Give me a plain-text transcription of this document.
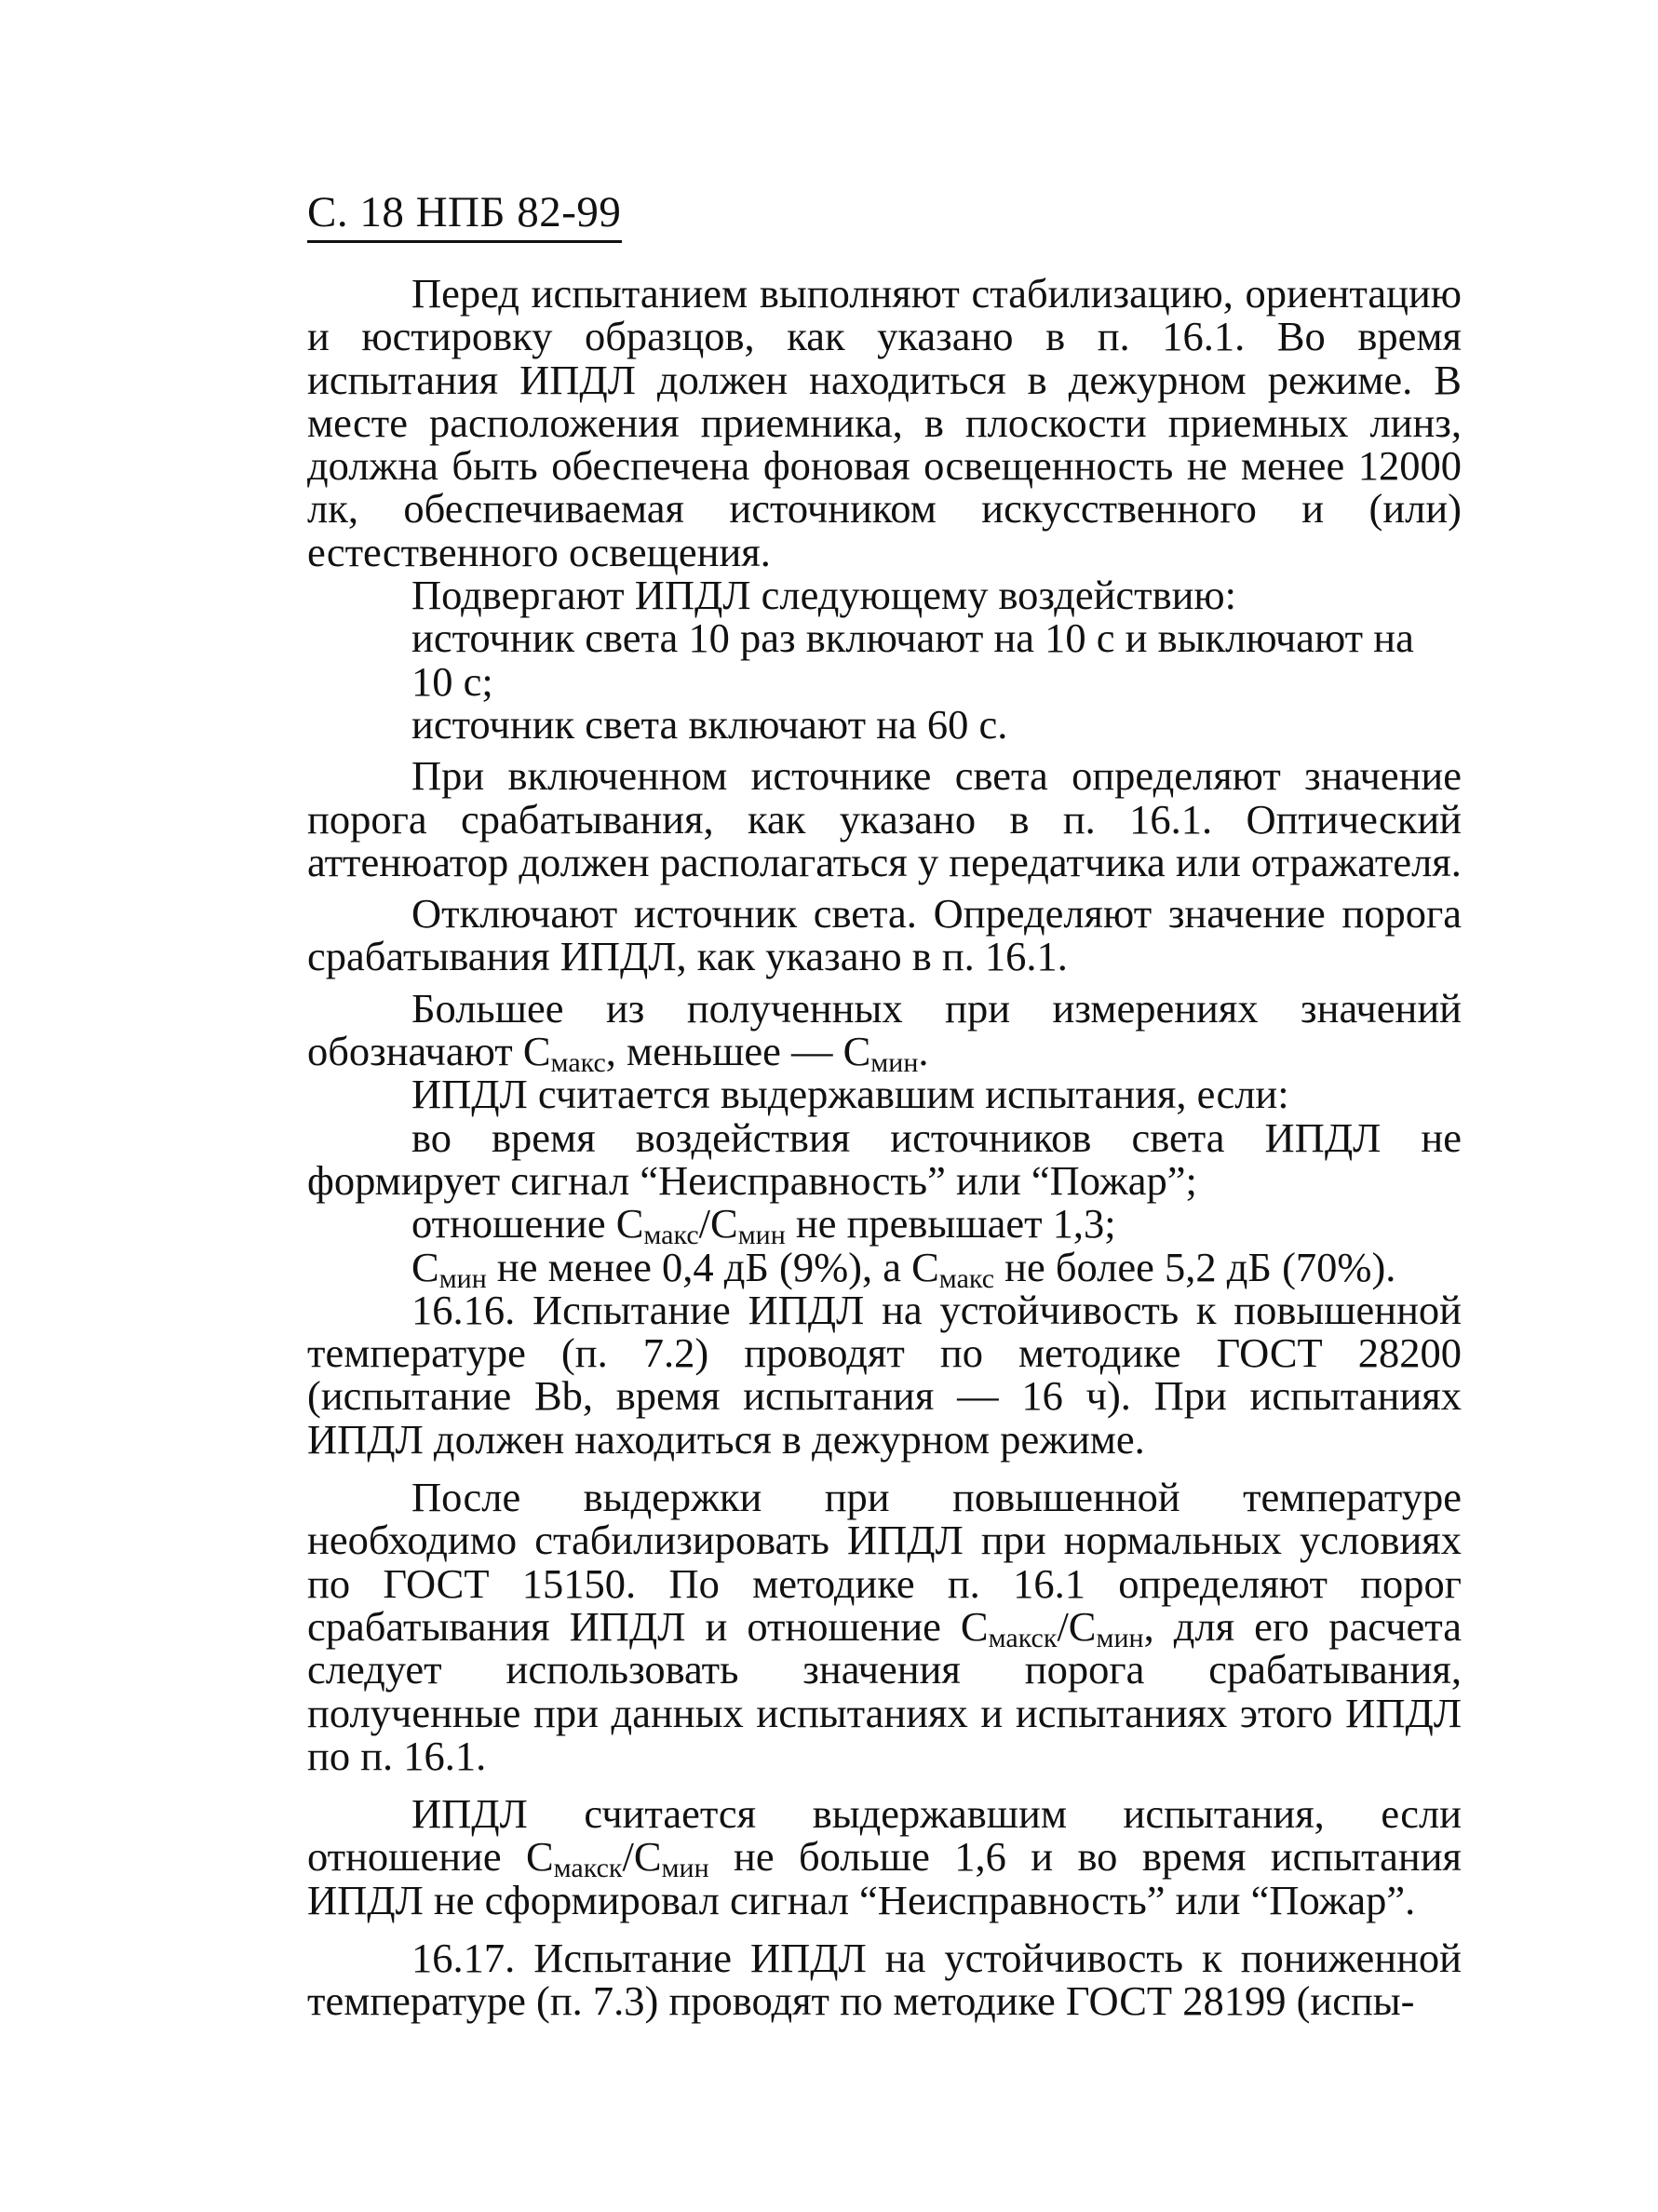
С. 18 НПБ 82-99

Перед испытанием выполняют стабилизацию, ориентацию и юстировку образцов, как указано в п. 16.1. Во время испытания ИПДЛ должен находиться в дежурном режиме. В месте расположения приемника, в плоскости приемных линз, должна быть обеспечена фоновая освещенность не менее 12000 лк, обеспечиваемая источником искусственного и (или) естественного освещения.

Подвергают ИПДЛ следующему воздействию:

источник света 10 раз включают на 10 с и выключают на 10 с;

источник света включают на 60 с.

При включенном источнике света определяют значение порога срабатывания, как указано в п. 16.1. Оптический аттенюатор должен располагаться у передатчика или отражателя.

Отключают источник света. Определяют значение порога срабатывания ИПДЛ, как указано в п. 16.1.

Большее из полученных при измерениях значений обозначают $С_{макс}$, меньшее — $С_{мин}$.

ИПДЛ считается выдержавшим испытания, если:

во время воздействия источников света ИПДЛ не формирует сигнал “Неисправность” или “Пожар”;

отношение $С_{макс}/С_{мин}$ не превышает 1,3;

$С_{мин}$ не менее 0,4 дБ (9%), а $С_{макс}$ не более 5,2 дБ (70%).

16.16. Испытание ИПДЛ на устойчивость к повышенной температуре (п. 7.2) проводят по методике ГОСТ 28200 (испытание Bb, время испытания — 16 ч). При испытаниях ИПДЛ должен находиться в дежурном режиме.

После выдержки при повышенной температуре необходимо стабилизировать ИПДЛ при нормальных условиях по ГОСТ 15150. По методике п. 16.1 определяют порог срабатывания ИПДЛ и отношение $С_{макск}/С_{мин}$, для его расчета следует использовать значения порога срабатывания, полученные при данных испытаниях и испытаниях этого ИПДЛ по п. 16.1.

ИПДЛ считается выдержавшим испытания, если отношение $С_{макск}/С_{мин}$ не больше 1,6 и во время испытания ИПДЛ не сформировал сигнал “Неисправность” или “Пожар”.

16.17. Испытание ИПДЛ на устойчивость к пониженной температуре (п. 7.3) проводят по методике ГОСТ 28199 (испы-
